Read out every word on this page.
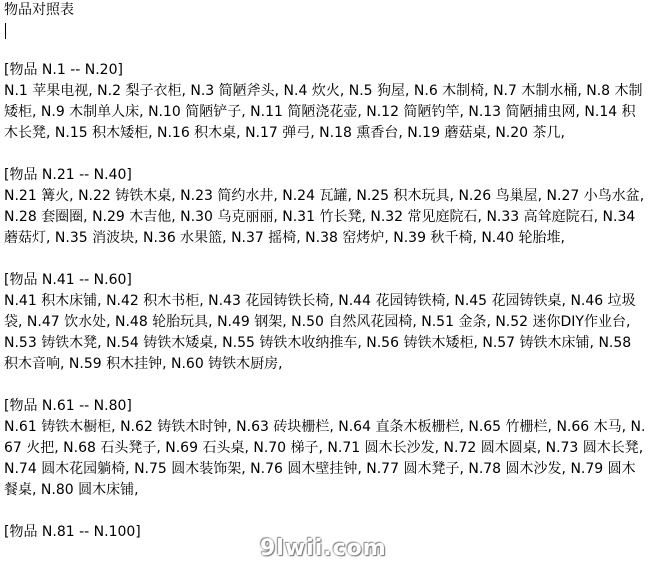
物品对照表
[物品 N.1 -- N.20]
N.1 苹果电视, N.2 梨子衣柜, N.3 简陋斧头, N.4 炊火, N.5 狗屋, N.6 木制椅, N.7 木制水桶, N.8 木制矮柜, N.9 木制单人床, N.10 简陋铲子, N.11 简陋浇花壶, N.12 简陋钓竿, N.13 简陋捕虫网, N.14 积木长凳, N.15 积木矮柜, N.16 积木桌, N.17 弹弓, N.18 熏香台, N.19 蘑菇桌, N.20 茶几,
[物品 N.21 -- N.40]
N.21 篝火, N.22 铸铁木桌, N.23 简约水井, N.24 瓦罐, N.25 积木玩具, N.26 鸟巢屋, N.27 小鸟水盆, N.28 套圈圈, N.29 木吉他, N.30 乌克丽丽, N.31 竹长凳, N.32 常见庭院石, N.33 高耸庭院石, N.34 蘑菇灯, N.35 消波块, N.36 水果篮, N.37 摇椅, N.38 窑烤炉, N.39 秋千椅, N.40 轮胎堆,
[物品 N.41 -- N.60]
N.41 积木床铺, N.42 积木书柜, N.43 花园铸铁长椅, N.44 花园铸铁椅, N.45 花园铸铁桌, N.46 垃圾袋, N.47 饮水处, N.48 轮胎玩具, N.49 钢架, N.50 自然风花园椅, N.51 金条, N.52 迷你DIY作业台, N.53 铸铁木凳, N.54 铸铁木矮桌, N.55 铸铁木收纳推车, N.56 铸铁木矮柜, N.57 铸铁木床铺, N.58 积木音响, N.59 积木挂钟, N.60 铸铁木厨房,
[物品 N.61 -- N.80]
N.61 铸铁木橱柜, N.62 铸铁木时钟, N.63 砖块栅栏, N.64 直条木板栅栏, N.65 竹栅栏, N.66 木马, N.67 火把, N.68 石头凳子, N.69 石头桌, N.70 梯子, N.71 圆木长沙发, N.72 圆木圆桌, N.73 圆木长凳, N.74 圆木花园躺椅, N.75 圆木装饰架, N.76 圆木壁挂钟, N.77 圆木凳子, N.78 圆木沙发, N.79 圆木餐桌, N.80 圆木床铺,
[物品 N.81 -- N.100]
9lwii.com
